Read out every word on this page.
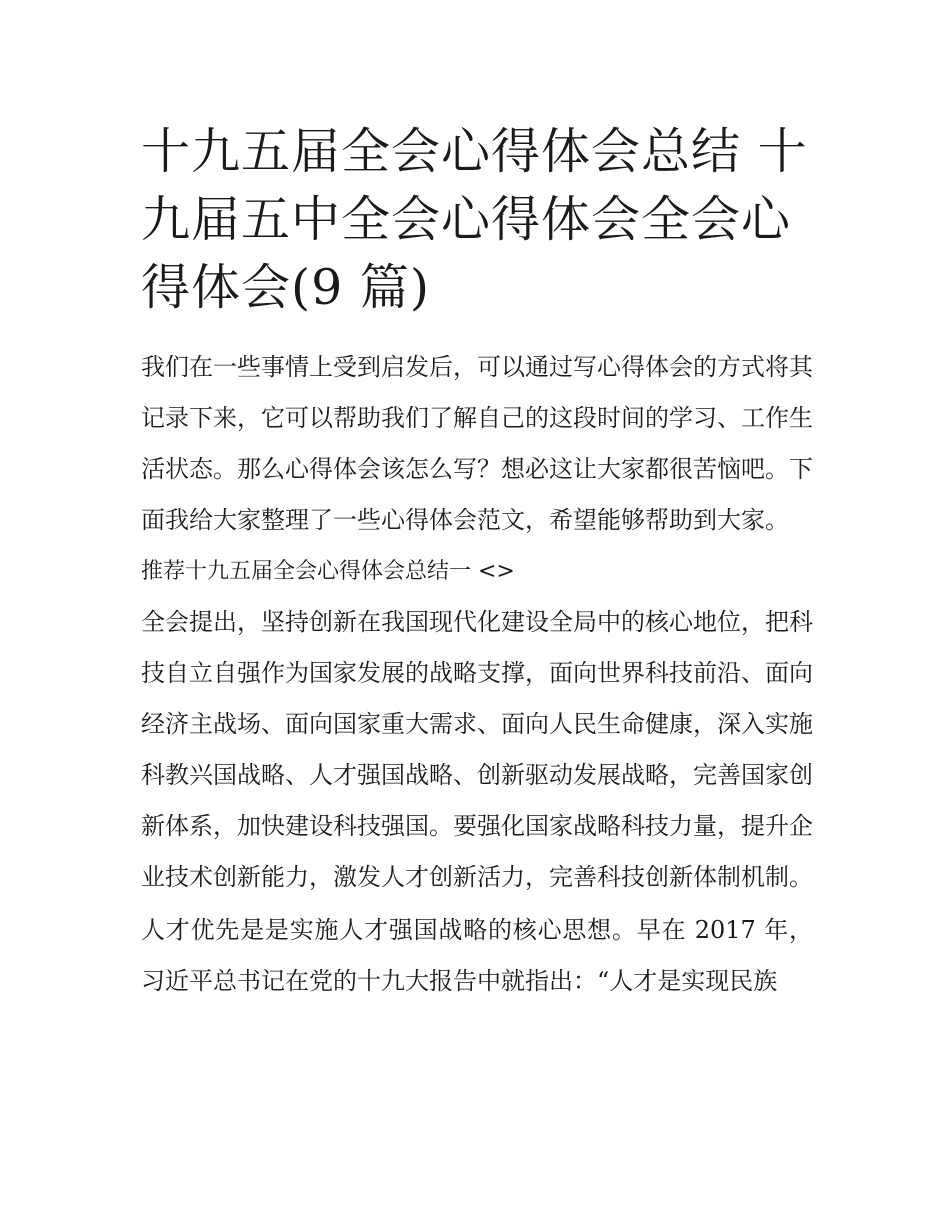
十九五届全会心得体会总结 十九届五中全会心得体会全会心得体会(9 篇)

我们在一些事情上受到启发后，可以通过写心得体会的方式将其记录下来，它可以帮助我们了解自己的这段时间的学习、工作生活状态。那么心得体会该怎么写？想必这让大家都很苦恼吧。下面我给大家整理了一些心得体会范文，希望能够帮助到大家。

推荐十九五届全会心得体会总结一 <>

全会提出，坚持创新在我国现代化建设全局中的核心地位，把科技自立自强作为国家发展的战略支撑，面向世界科技前沿、面向经济主战场、面向国家重大需求、面向人民生命健康，深入实施科教兴国战略、人才强国战略、创新驱动发展战略，完善国家创新体系，加快建设科技强国。要强化国家战略科技力量，提升企业技术创新能力，激发人才创新活力，完善科技创新体制机制。

人才优先是是实施人才强国战略的核心思想。早在 2017 年，习近平总书记在党的十九大报告中就指出：“人才是实现民族
